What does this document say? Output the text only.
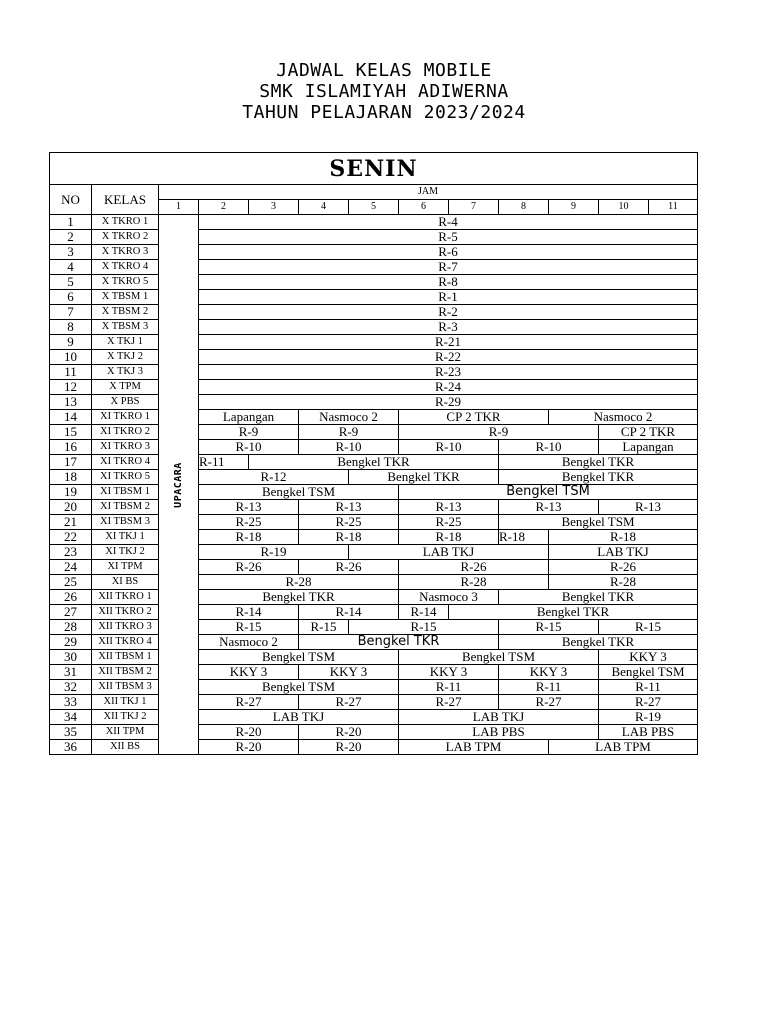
JADWAL KELAS MOBILE
SMK ISLAMIYAH ADIWERNA
TAHUN PELAJARAN 2023/2024
SENIN												
NO	KELAS	JAM										
		1	2	3	4	5	6	7	8	9	10	11
1	X TKRO 1	UPACARA	R-4									
2	X TKRO 2		R-5									
3	X TKRO 3		R-6									
4	X TKRO 4		R-7									
5	X TKRO 5		R-8									
6	X TBSM 1		R-1									
7	X TBSM 2		R-2									
8	X TBSM 3		R-3									
9	X TKJ 1		R-21									
10	X TKJ 2		R-22									
11	X TKJ 3		R-23									
12	X TPM		R-24									
13	X PBS		R-29									
14	XI TKRO 1		Lapangan		Nasmoco 2		CP 2 TKR			Nasmoco 2		
15	XI TKRO 2		R-9		R-9		R-9				CP 2 TKR	
16	XI TKRO 3		R-10		R-10		R-10		R-10		Lapangan	
17	XI TKRO 4		R-11	Bengkel TKR					Bengkel TKR			
18	XI TKRO 5		R-12			Bengkel TKR			Bengkel TKR			
19	XI TBSM 1		Bengkel TSM				Bengkel TSM					
20	XI TBSM 2		R-13		R-13		R-13		R-13		R-13	
21	XI TBSM 3		R-25		R-25		R-25		Bengkel TSM			
22	XI TKJ 1		R-18		R-18		R-18		R-18	R-18		
23	XI TKJ 2		R-19			LAB TKJ				LAB TKJ		
24	XI TPM		R-26		R-26		R-26			R-26		
25	XI BS		R-28				R-28			R-28		
26	XII TKRO 1		Bengkel TKR				Nasmoco 3		Bengkel TKR			
27	XII TKRO 2		R-14		R-14		R-14	Bengkel TKR				
28	XII TKRO 3		R-15		R-15	R-15			R-15		R-15	
29	XII TKRO 4		Nasmoco 2		Bengkel TKR				Bengkel TKR			
30	XII TBSM 1		Bengkel TSM				Bengkel TSM				KKY 3	
31	XII TBSM 2		KKY 3		KKY 3		KKY 3		KKY 3		Bengkel TSM	
32	XII TBSM 3		Bengkel TSM				R-11		R-11		R-11	
33	XII TKJ 1		R-27		R-27		R-27		R-27		R-27	
34	XII TKJ 2		LAB TKJ				LAB TKJ				R-19	
35	XII TPM		R-20		R-20		LAB PBS				LAB PBS	
36	XII BS		R-20		R-20		LAB TPM			LAB TPM		
